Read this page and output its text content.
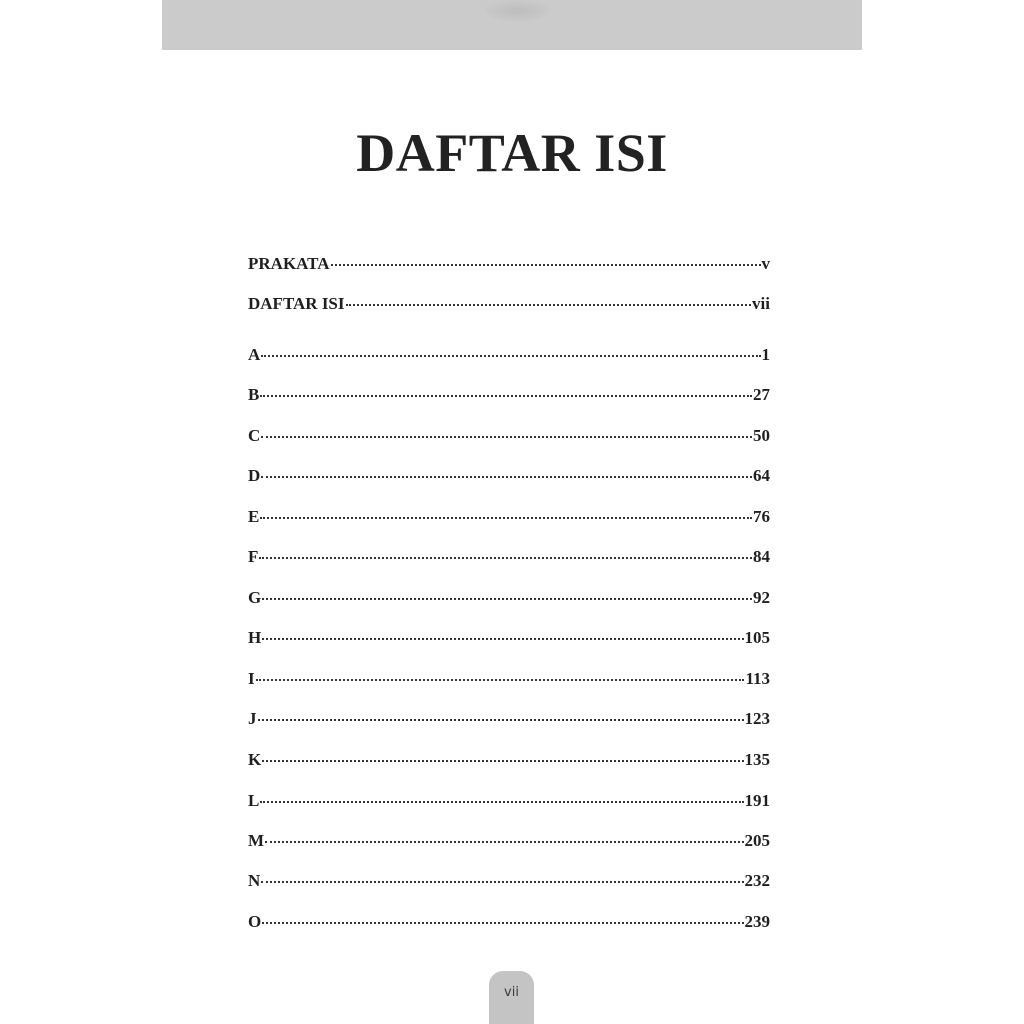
DAFTAR ISI
PRAKATA	v
DAFTAR ISI	vii
A	1
B	27
C	50
D	64
E	76
F	84
G	92
H	105
I	113
J	123
K	135
L	191
M	205
N	232
O	239
vii
